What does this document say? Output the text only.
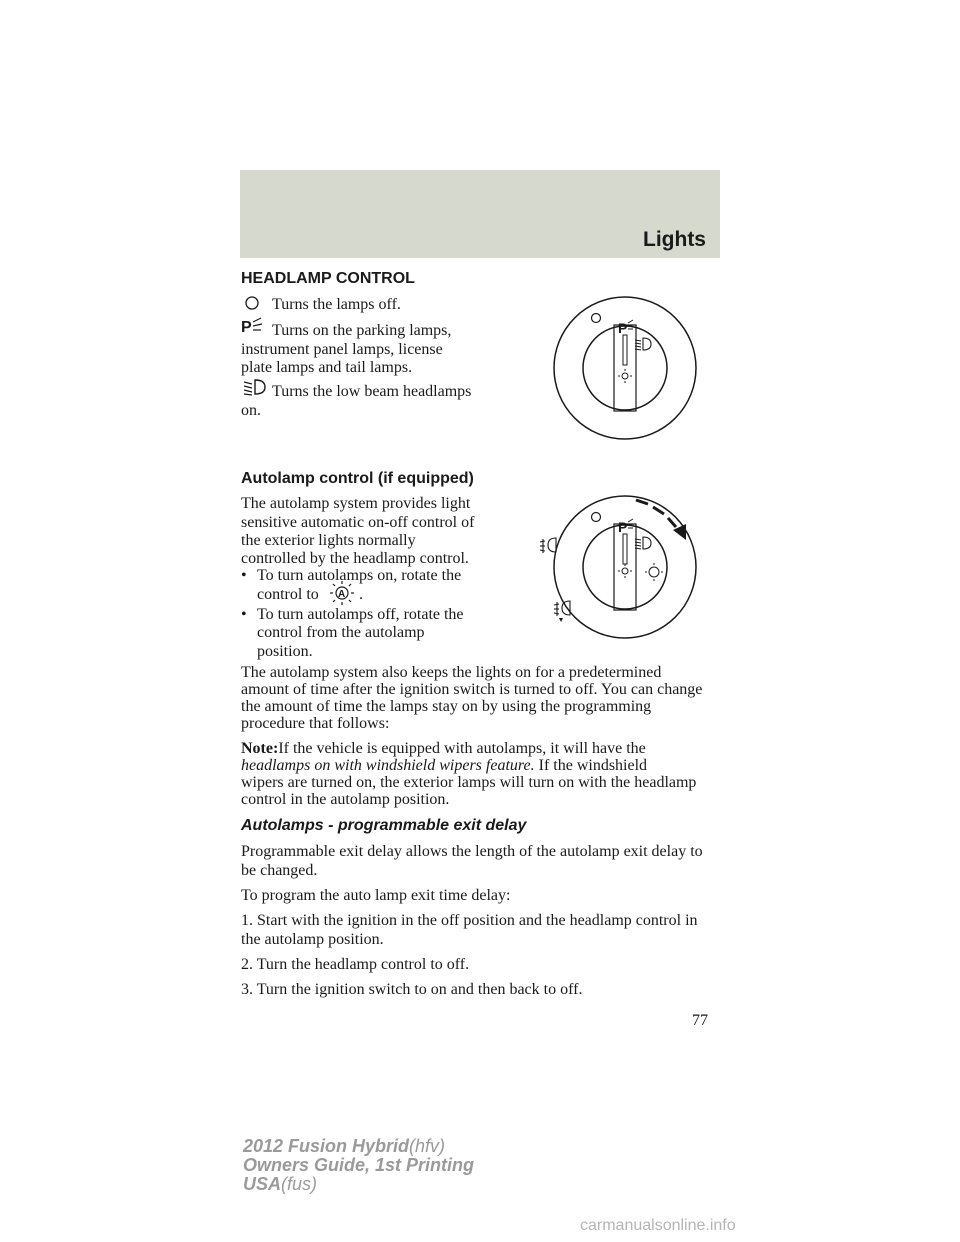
Lights
HEADLAMP CONTROL
Turns the lamps off.
P Turns on the parking lamps,
instrument panel lamps, license
plate lamps and tail lamps.
Turns the low beam headlamps
on.
P
Autolamp control (if equipped)
The autolamp system provides light
sensitive automatic on-off control of
the exterior lights normally
controlled by the headlamp control.
• To turn autolamps on, rotate the
control to A .
• To turn autolamps off, rotate the
control from the autolamp
position.
P
The autolamp system also keeps the lights on for a predetermined
amount of time after the ignition switch is turned to off. You can change
the amount of time the lamps stay on by using the programming
procedure that follows:
Note:If the vehicle is equipped with autolamps, it will have the
headlamps on with windshield wipers feature. If the windshield
wipers are turned on, the exterior lamps will turn on with the headlamp
control in the autolamp position.
Autolamps - programmable exit delay
Programmable exit delay allows the length of the autolamp exit delay to
be changed.
To program the auto lamp exit time delay:
1. Start with the ignition in the off position and the headlamp control in
the autolamp position.
2. Turn the headlamp control to off.
3. Turn the ignition switch to on and then back to off.
77
2012 Fusion Hybrid(hfv)
Owners Guide, 1st Printing
USA(fus)
carmanualsonline.info
